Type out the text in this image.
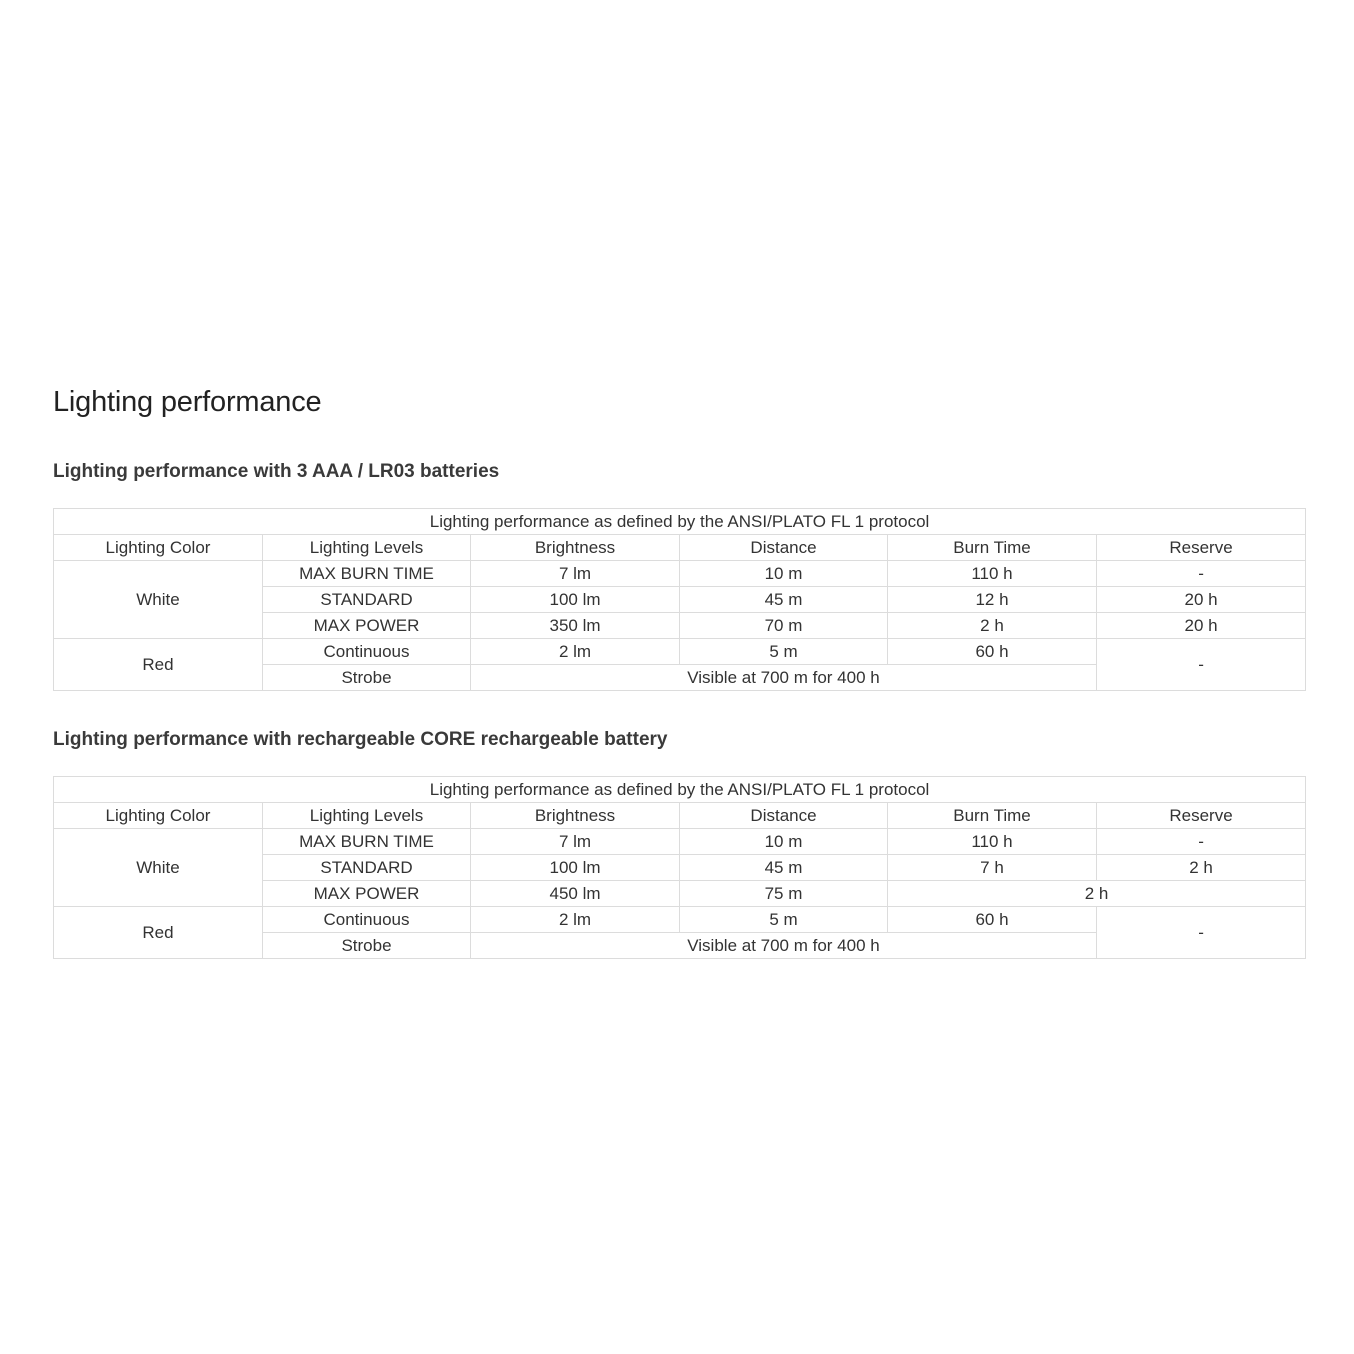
Lighting performance
Lighting performance with 3 AAA / LR03 batteries
Lighting performance as defined by the ANSI/PLATO FL 1 protocol					
Lighting Color	Lighting Levels	Brightness	Distance	Burn Time	Reserve
White	MAX BURN TIME	7 lm	10 m	110 h	-
	STANDARD	100 lm	45 m	12 h	20 h
	MAX POWER	350 lm	70 m	2 h	20 h
Red	Continuous	2 lm	5 m	60 h	-
	Strobe	Visible at 700 m for 400 h			
Lighting performance with rechargeable CORE rechargeable battery
Lighting performance as defined by the ANSI/PLATO FL 1 protocol					
Lighting Color	Lighting Levels	Brightness	Distance	Burn Time	Reserve
White	MAX BURN TIME	7 lm	10 m	110 h	-
	STANDARD	100 lm	45 m	7 h	2 h
	MAX POWER	450 lm	75 m	2 h	
Red	Continuous	2 lm	5 m	60 h	-
	Strobe	Visible at 700 m for 400 h			
